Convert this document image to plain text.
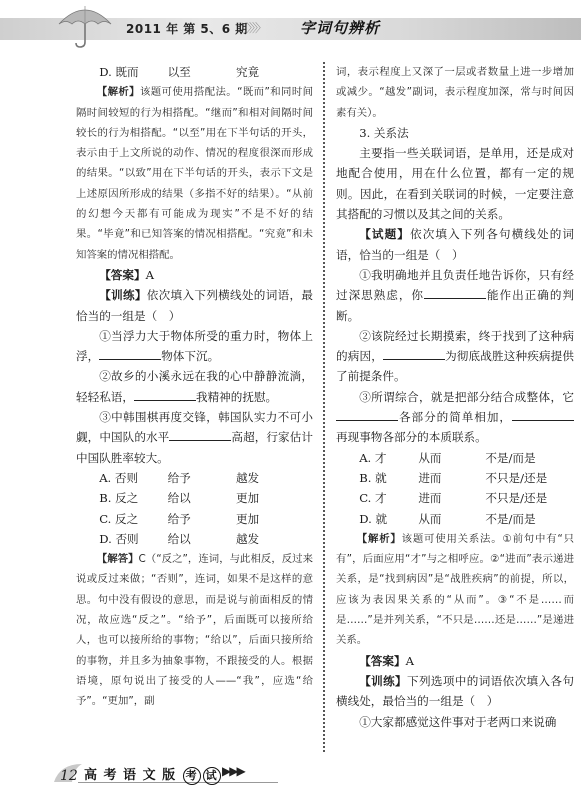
2011 年 第 5、6 期
〉〉〉〉 字词句辨析
D. 既而	以至	究竟

【解析】该题可使用搭配法。“既而”和同时间隔时间较短的行为相搭配。“继而”和相对间隔时间较长的行为相搭配。“以至”用在下半句话的开头，表示由于上文所说的动作、情况的程度很深而形成的结果。“以致”用在下半句话的开头，表示下文是上述原因所形成的结果（多指不好的结果）。“从前的幻想今天都有可能成为现实”不是不好的结果。“毕竟”和已知答案的情况相搭配。“究竟”和未知答案的情况相搭配。

【答案】A

【训练】依次填入下列横线处的词语，最恰当的一组是（　）

①当浮力大于物体所受的重力时，物体上浮，	物体下沉。

②故乡的小溪永远在我的心中静静流淌，轻轻私语，	我精神的抚慰。

③中韩围棋再度交锋，韩国队实力不可小觑，中国队的水平	高超，行家估计中国队胜率较大。

A. 否则	给予	越发
B. 反之	给以	更加
C. 反之	给予	更加
D. 否则	给以	越发

【解答】C（“反之”，连词，与此相反，反过来说或反过来做；“否则”，连词，如果不是这样的意思。句中没有假设的意思，而是说与前面相反的情况，故应选“反之”。“给予”，后面既可以接所给人，也可以接所给的事物；“给以”，后面只接所给的事物，并且多为抽象事物，不跟接受的人。根据语境，原句说出了接受的人——“我”，应选“给予”。“更加”，副

词，表示程度上又深了一层或者数量上进一步增加或减少。“越发”副词，表示程度加深，常与时间因素有关）。

3. 关系法

主要指一些关联词语，是单用，还是成对地配合使用，用在什么位置，都有一定的规则。因此，在看到关联词的时候，一定要注意其搭配的习惯以及其之间的关系。

【试题】依次填入下列各句横线处的词语，恰当的一组是（　）

①我明确地并且负责任地告诉你，只有经过深思熟虑，你	能作出正确的判断。

②该院经过长期摸索，终于找到了这种病的病因，	为彻底战胜这种疾病提供了前提条件。

③所谓综合，就是把部分结合成整体，它各部分的简单相加，再现事物各部分的本质联系。

A. 才	从而	不是/而是
B. 就	进而	不只是/还是
C. 才	进而	不只是/还是
D. 就	从而	不是/而是

【解析】该题可使用关系法。①前句中有“只有”，后面应用“才”与之相呼应。②“进而”表示递进关系，是“找到病因”是“战胜疾病”的前提，所以，应该为表因果关系的“从而”。③“不是……而是……”是并列关系，“不只是……还是……”是递进关系。

【答案】A

【训练】下列选项中的词语依次填入各句横线处，最恰当的一组是（　）

①大家都感觉这件事对于老两口来说确

12 高 考 语 文 版 考 试 ▶▶▶
